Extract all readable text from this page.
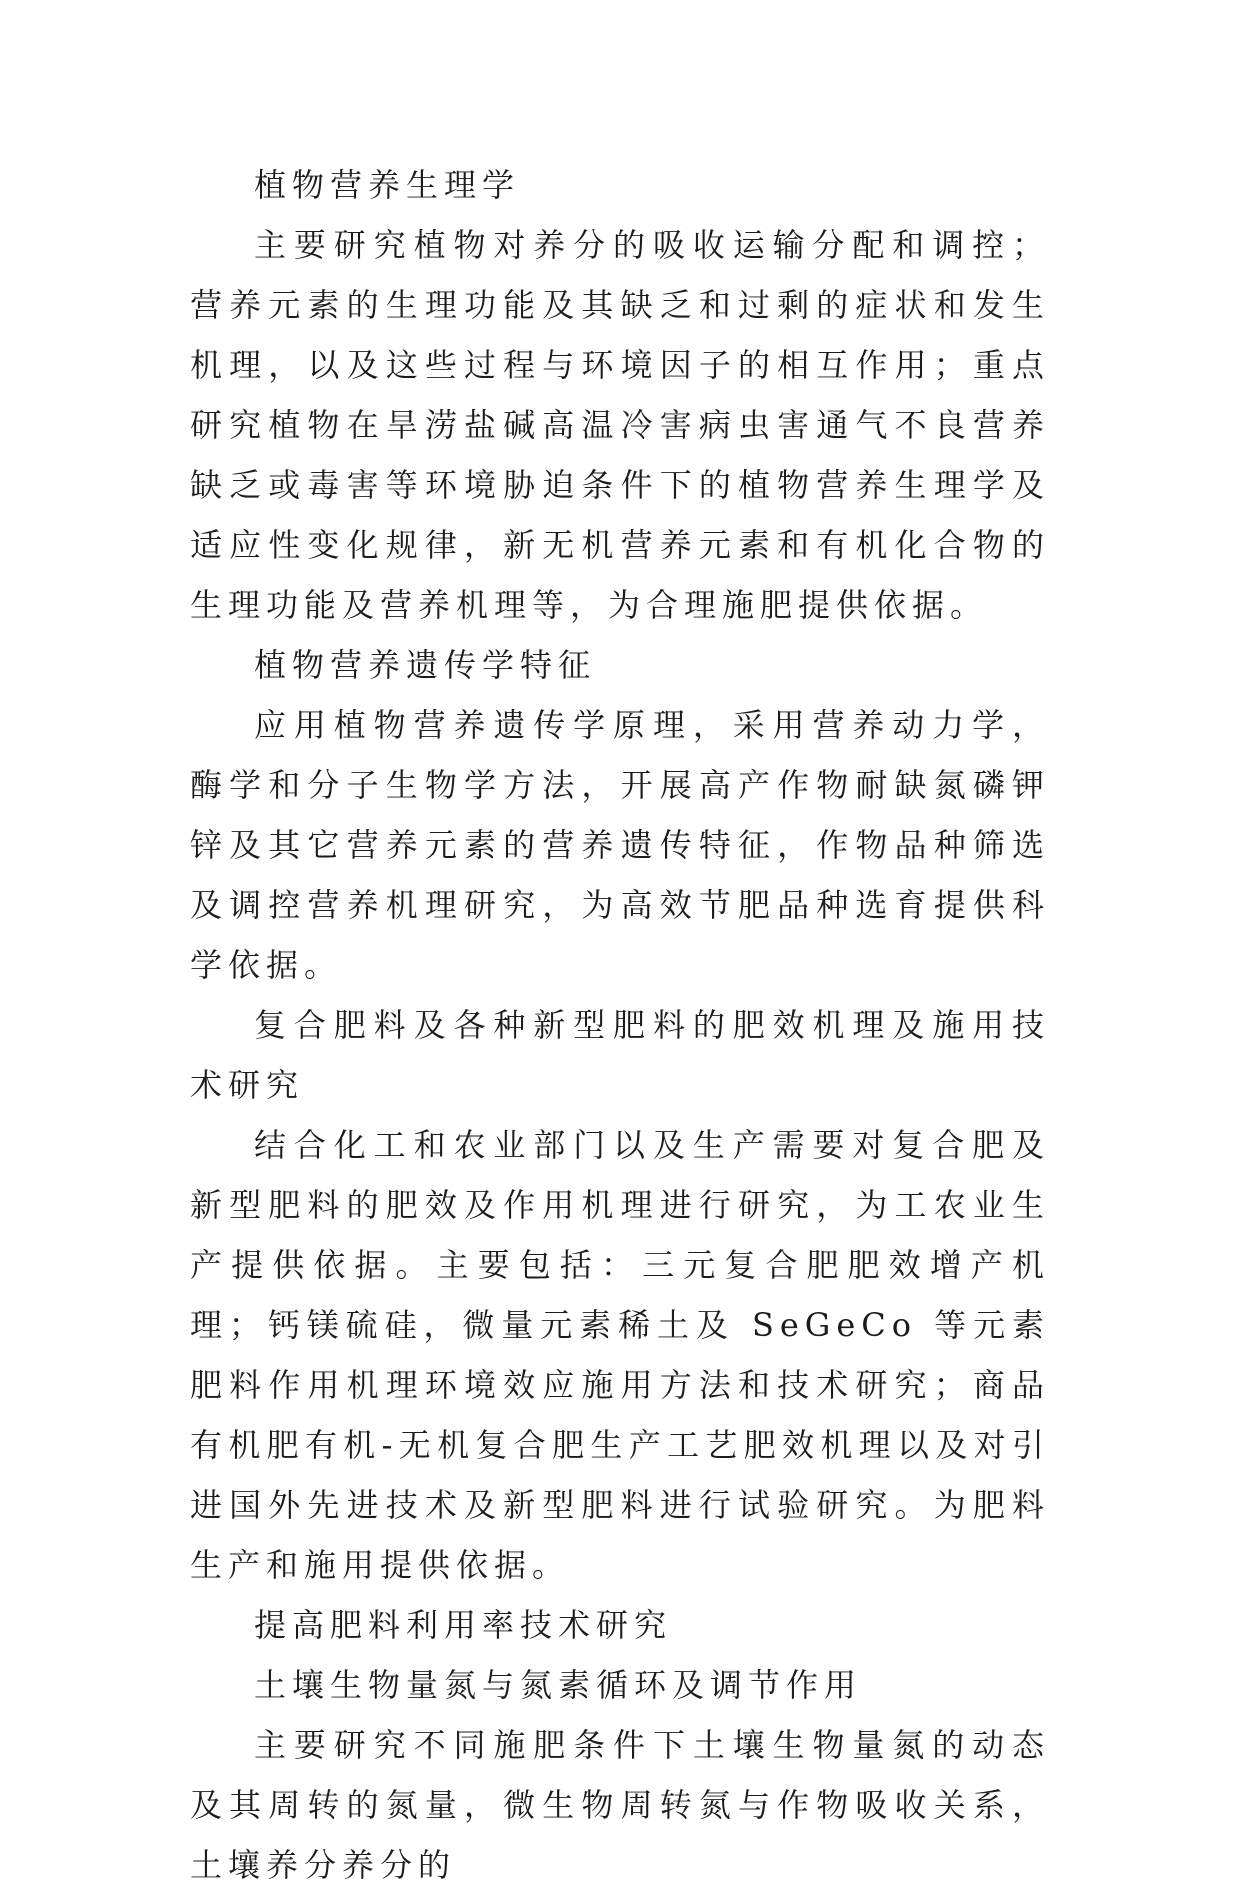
植物营养生理学

主要研究植物对养分的吸收运输分配和调控；营养元素的生理功能及其缺乏和过剩的症状和发生机理，以及这些过程与环境因子的相互作用；重点研究植物在旱涝盐碱高温冷害病虫害通气不良营养缺乏或毒害等环境胁迫条件下的植物营养生理学及适应性变化规律，新无机营养元素和有机化合物的生理功能及营养机理等，为合理施肥提供依据。

植物营养遗传学特征

应用植物营养遗传学原理，采用营养动力学，酶学和分子生物学方法，开展高产作物耐缺氮磷钾锌及其它营养元素的营养遗传特征，作物品种筛选及调控营养机理研究，为高效节肥品种选育提供科学依据。

复合肥料及各种新型肥料的肥效机理及施用技术研究

结合化工和农业部门以及生产需要对复合肥及新型肥料的肥效及作用机理进行研究，为工农业生产提供依据。主要包括：三元复合肥肥效增产机理；钙镁硫硅，微量元素稀土及 SeGeCo 等元素肥料作用机理环境效应施用方法和技术研究；商品有机肥有机-无机复合肥生产工艺肥效机理以及对引进国外先进技术及新型肥料进行试验研究。为肥料生产和施用提供依据。

提高肥料利用率技术研究

土壤生物量氮与氮素循环及调节作用

主要研究不同施肥条件下土壤生物量氮的动态及其周转的氮量，微生物周转氮与作物吸收关系，土壤养分养分的
